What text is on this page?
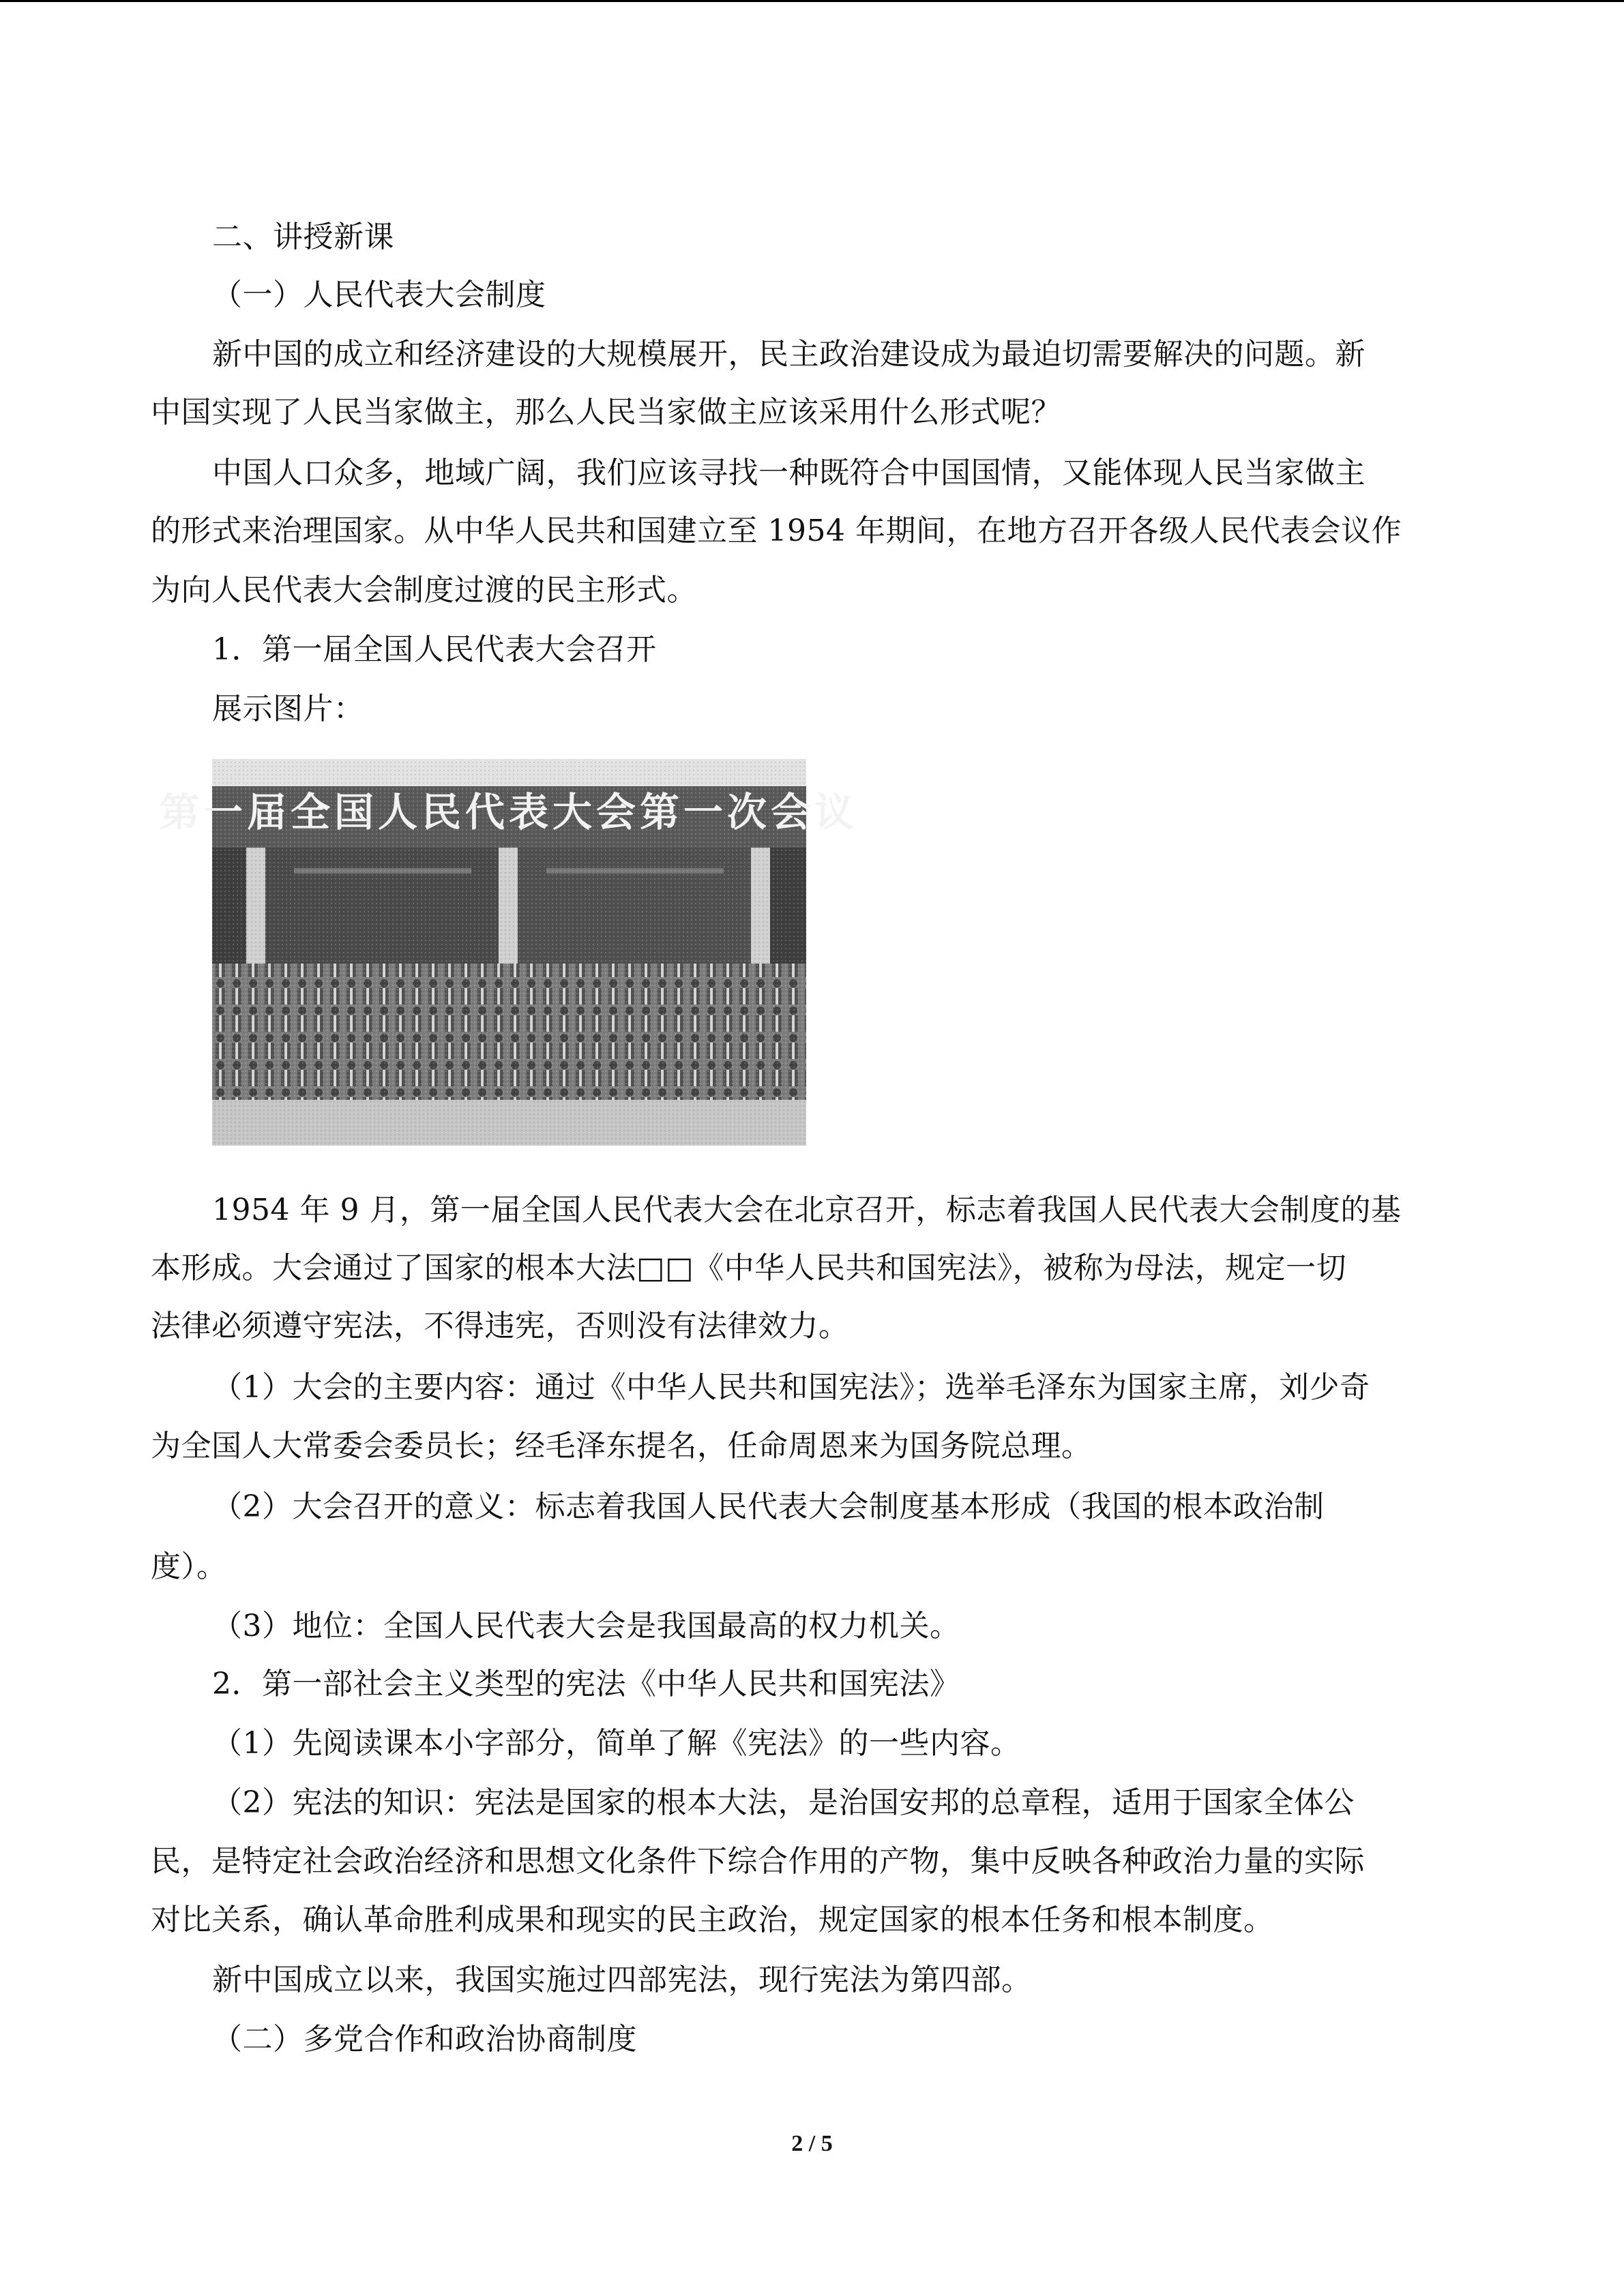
二、讲授新课
（一）人民代表大会制度
新中国的成立和经济建设的大规模展开，民主政治建设成为最迫切需要解决的问题。新
中国实现了人民当家做主，那么人民当家做主应该采用什么形式呢？
中国人口众多，地域广阔，我们应该寻找一种既符合中国国情，又能体现人民当家做主
的形式来治理国家。从中华人民共和国建立至 1954 年期间，在地方召开各级人民代表会议作
为向人民代表大会制度过渡的民主形式。
1．第一届全国人民代表大会召开
展示图片：
第一届全国人民代表大会第一次会议
1954 年 9 月，第一届全国人民代表大会在北京召开，标志着我国人民代表大会制度的基
本形成。大会通过了国家的根本大法□□《中华人民共和国宪法》，被称为母法，规定一切
法律必须遵守宪法，不得违宪，否则没有法律效力。
（1）大会的主要内容：通过《中华人民共和国宪法》；选举毛泽东为国家主席，刘少奇
为全国人大常委会委员长；经毛泽东提名，任命周恩来为国务院总理。
（2）大会召开的意义：标志着我国人民代表大会制度基本形成（我国的根本政治制
度）。
（3）地位：全国人民代表大会是我国最高的权力机关。
2．第一部社会主义类型的宪法《中华人民共和国宪法》
（1）先阅读课本小字部分，简单了解《宪法》的一些内容。
（2）宪法的知识：宪法是国家的根本大法，是治国安邦的总章程，适用于国家全体公
民，是特定社会政治经济和思想文化条件下综合作用的产物，集中反映各种政治力量的实际
对比关系，确认革命胜利成果和现实的民主政治，规定国家的根本任务和根本制度。
新中国成立以来，我国实施过四部宪法，现行宪法为第四部。
（二）多党合作和政治协商制度
2 / 5
